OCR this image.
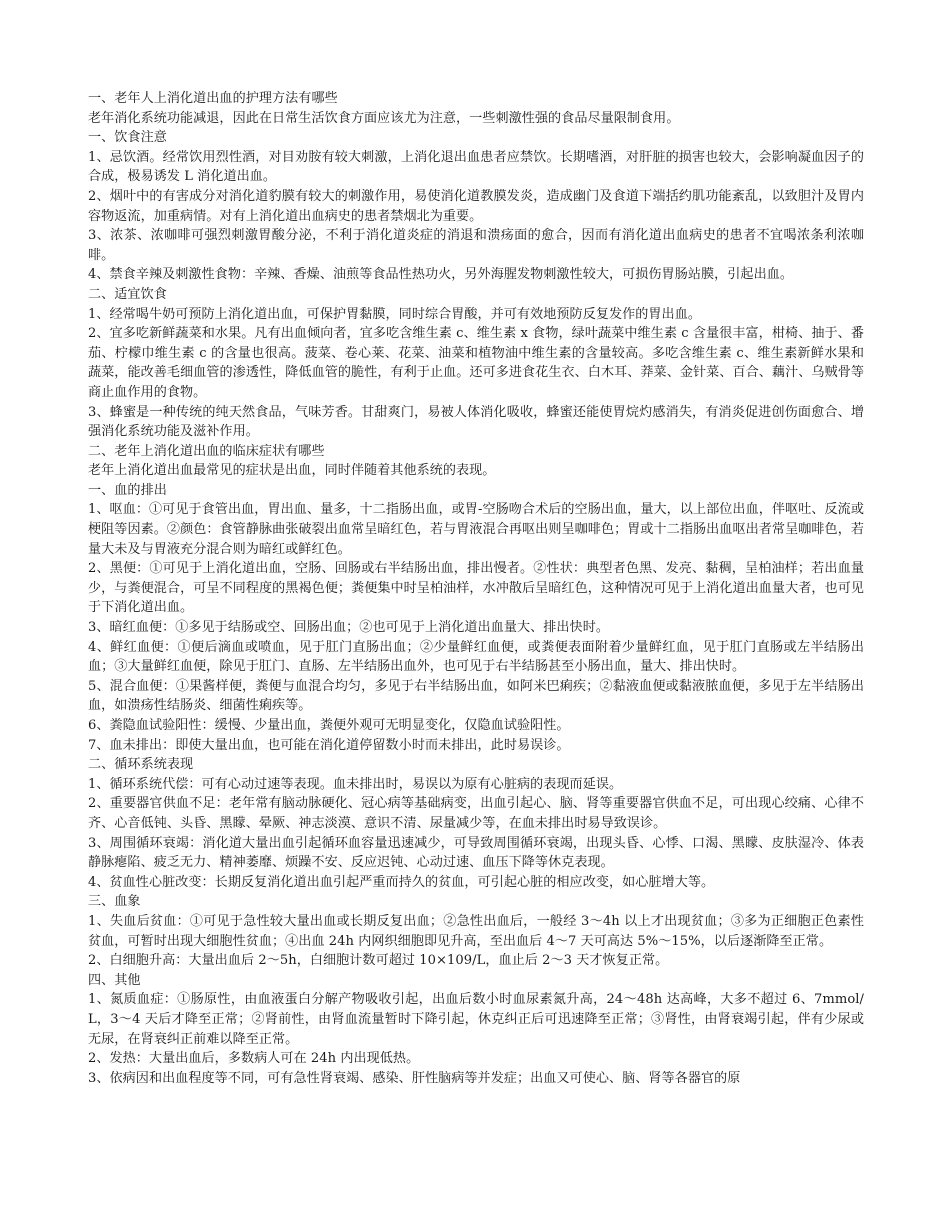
一、老年人上消化道出血的护理方法有哪些

老年消化系统功能减退，因此在日常生活饮食方面应该尤为注意，一些刺激性强的食品尽量限制食用。

一、饮食注意

1、忌饮酒。经常饮用烈性酒，对目劝胺有较大刺激，上消化退出血患者应禁饮。长期嗜酒，对肝脏的损害也较大，会影响凝血因子的合成，极易诱发 L 消化道出血。

2、烟叶中的有害成分对消化道豹膜有较大的刺激作用，易使消化道教膜发炎，造成幽门及食道下端括约肌功能紊乱，以致胆汁及胃内容物返流，加重病情。对有上消化道出血病史的患者禁烟北为重要。

3、浓茶、浓咖啡可强烈刺激胃酸分泌，不利于消化道炎症的消退和溃疡面的愈合，因而有消化道出血病史的患者不宜喝浓条利浓咖啡。

4、禁食辛辣及刺激性食物：辛辣、香燥、油煎等食品性热功火，另外海腥发物刺激性较大，可损伤胃肠站膜，引起出血。

二、适宜饮食

1、经常喝牛奶可预防上消化道出血，可保护胃黏膜，同时综合胃酸，并可有效地预防反复发作的胃出血。

2、宜多吃新鲜蔬菜和水果。凡有出血倾向者，宜多吃含维生素 c、维生素 x 食物，绿叶蔬菜中维生素 c 含量很丰富，柑椅、抽于、番茄、柠檬巾维生素 c 的含量也很高。菠菜、卷心莱、花菜、油菜和植物油中维生素的含量较高。多吃含维生素 c、维生素新鲜水果和蔬菜，能改善毛细血管的渗透性，降低血管的脆性，有利于止血。还可多进食花生衣、白木耳、莽菜、金针菜、百合、藕汁、乌贼骨等商止血作用的食物。

3、蜂蜜是一种传统的纯天然食品，气味芳香。甘甜爽门，易被人体消化吸收，蜂蜜还能使胃烷灼感消失，有消炎促进创伤面愈合、增强消化系统功能及滋补作用。

二、老年上消化道出血的临床症状有哪些

老年上消化道出血最常见的症状是出血，同时伴随着其他系统的表现。

一、血的排出

1、呕血：①可见于食管出血，胃出血、量多，十二指肠出血，或胃-空肠吻合术后的空肠出血，量大，以上部位出血，伴呕吐、反流或梗阻等因素。②颜色：食管静脉曲张破裂出血常呈暗红色，若与胃液混合再呕出则呈咖啡色；胃或十二指肠出血呕出者常呈咖啡色，若量大未及与胃液充分混合则为暗红或鲜红色。

2、黑便：①可见于上消化道出血，空肠、回肠或右半结肠出血，排出慢者。②性状：典型者色黑、发亮、黏稠，呈柏油样；若出血量少，与粪便混合，可呈不同程度的黑褐色便；粪便集中时呈柏油样，水冲散后呈暗红色，这种情况可见于上消化道出血量大者，也可见于下消化道出血。

3、暗红血便：①多见于结肠或空、回肠出血；②也可见于上消化道出血量大、排出快时。

4、鲜红血便：①便后滴血或喷血，见于肛门直肠出血；②少量鲜红血便，或粪便表面附着少量鲜红血，见于肛门直肠或左半结肠出血；③大量鲜红血便，除见于肛门、直肠、左半结肠出血外，也可见于右半结肠甚至小肠出血，量大、排出快时。

5、混合血便：①果酱样便，粪便与血混合均匀，多见于右半结肠出血，如阿米巴痢疾；②黏液血便或黏液脓血便，多见于左半结肠出血，如溃疡性结肠炎、细菌性痢疾等。

6、粪隐血试验阳性：缓慢、少量出血，粪便外观可无明显变化，仅隐血试验阳性。

7、血未排出：即使大量出血，也可能在消化道停留数小时而未排出，此时易误诊。

二、循环系统表现

1、循环系统代偿：可有心动过速等表现。血未排出时，易误以为原有心脏病的表现而延误。

2、重要器官供血不足：老年常有脑动脉硬化、冠心病等基础病变，出血引起心、脑、肾等重要器官供血不足，可出现心绞痛、心律不齐、心音低钝、头昏、黑矇、晕厥、神志淡漠、意识不清、尿量减少等，在血未排出时易导致误诊。

3、周围循环衰竭：消化道大量出血引起循环血容量迅速减少，可导致周围循环衰竭，出现头昏、心悸、口渴、黑矇、皮肤湿冷、体表静脉瘪陷、疲乏无力、精神萎靡、烦躁不安、反应迟钝、心动过速、血压下降等休克表现。

4、贫血性心脏改变：长期反复消化道出血引起严重而持久的贫血，可引起心脏的相应改变，如心脏增大等。

三、血象

1、失血后贫血：①可见于急性较大量出血或长期反复出血；②急性出血后，一般经 3～4h 以上才出现贫血；③多为正细胞正色素性贫血，可暂时出现大细胞性贫血；④出血 24h 内网织细胞即见升高，至出血后 4～7 天可高达 5%～15%，以后逐渐降至正常。

2、白细胞升高：大量出血后 2～5h，白细胞计数可超过 10×109/L，血止后 2～3 天才恢复正常。

四、其他

1、氮质血症：①肠原性，由血液蛋白分解产物吸收引起，出血后数小时血尿素氮升高，24～48h 达高峰，大多不超过 6、7mmol/L，3～4 天后才降至正常；②肾前性，由肾血流量暂时下降引起，休克纠正后可迅速降至正常；③肾性，由肾衰竭引起，伴有少尿或无尿，在肾衰纠正前难以降至正常。

2、发热：大量出血后，多数病人可在 24h 内出现低热。

3、依病因和出血程度等不同，可有急性肾衰竭、感染、肝性脑病等并发症；出血又可使心、脑、肾等各器官的原
